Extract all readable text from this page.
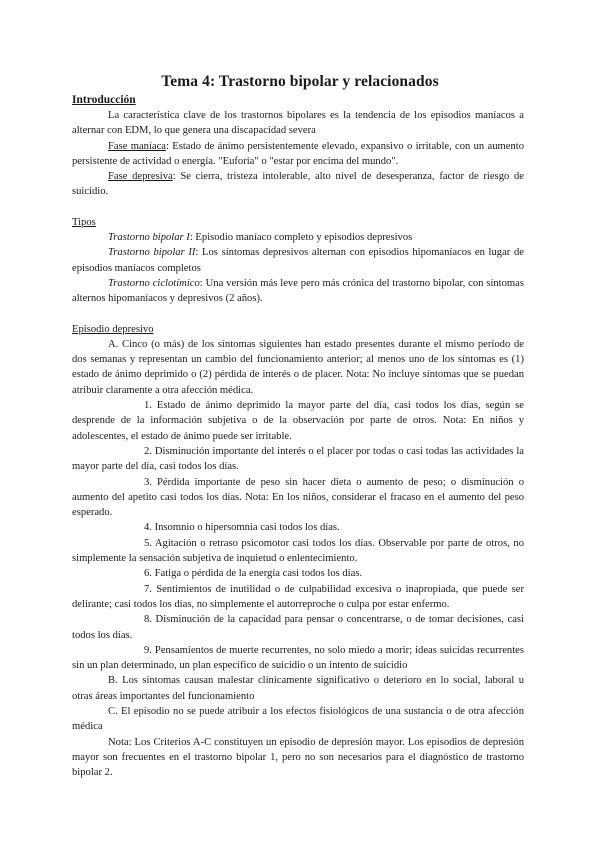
Tema 4: Trastorno bipolar y relacionados
Introducción

La característica clave de los trastornos bipolares es la tendencia de los episodios maníacos a alternar con EDM, lo que genera una discapacidad severa

Fase maníaca: Estado de ánimo persistentemente elevado, expansivo o irritable, con un aumento persistente de actividad o energía. "Euforia" o "estar por encima del mundo".

Fase depresiva: Se cierra, tristeza intolerable, alto nivel de desesperanza, factor de riesgo de suicidio.

Tipos

Trastorno bipolar I: Episodio maníaco completo y episodios depresivos

Trastorno bipolar II: Los síntomas depresivos alternan con episodios hipomaníacos en lugar de episodios maníacos completos

Trastorno ciclotímico: Una versión más leve pero más crónica del trastorno bipolar, con síntomas alternos hipomaníacos y depresivos (2 años).

Episodio depresivo

A. Cinco (o más) de los síntomas siguientes han estado presentes durante el mismo período de dos semanas y representan un cambio del funcionamiento anterior; al menos uno de los síntomas es (1) estado de ánimo deprimido o (2) pérdida de interés o de placer. Nota: No incluye síntomas que se puedan atribuir claramente a otra afección médica.

1. Estado de ánimo deprimido la mayor parte del día, casi todos los días, según se desprende de la información subjetiva o de la observación por parte de otros. Nota: En niños y adolescentes, el estado de ánimo puede ser irritable.

2. Disminución importante del interés o el placer por todas o casi todas las actividades la mayor parte del día, casi todos los días.

3. Pérdida importante de peso sin hacer dieta o aumento de peso; o disminución o aumento del apetito casi todos los días. Nota: En los niños, considerar el fracaso en el aumento del peso esperado.

4. Insomnio o hipersomnia casi todos los días.

5. Agitación o retraso psicomotor casi todos los días. Observable por parte de otros, no simplemente la sensación subjetiva de inquietud o enlentecimiento.

6. Fatiga o pérdida de la energía casi todos los días.

7. Sentimientos de inutilidad o de culpabilidad excesiva o inapropiada, que puede ser delirante; casi todos los días, no simplemente el autorreproche o culpa por estar enfermo.

8. Disminución de la capacidad para pensar o concentrarse, o de tomar decisiones, casi todos los días.

9. Pensamientos de muerte recurrentes, no solo miedo a morir; ideas suicidas recurrentes sin un plan determinado, un plan específico de suicidio o un intento de suicidio

B. Los síntomas causan malestar clínicamente significativo o deterioro en lo social, laboral u otras áreas importantes del funcionamiento

C. El episodio no se puede atribuir a los efectos fisiológicos de una sustancia o de otra afección médica

Nota: Los Criterios A-C constituyen un episodio de depresión mayor. Los episodios de depresión mayor son frecuentes en el trastorno bipolar 1, pero no son necesarios para el diagnóstico de trastorno bipolar 2.
